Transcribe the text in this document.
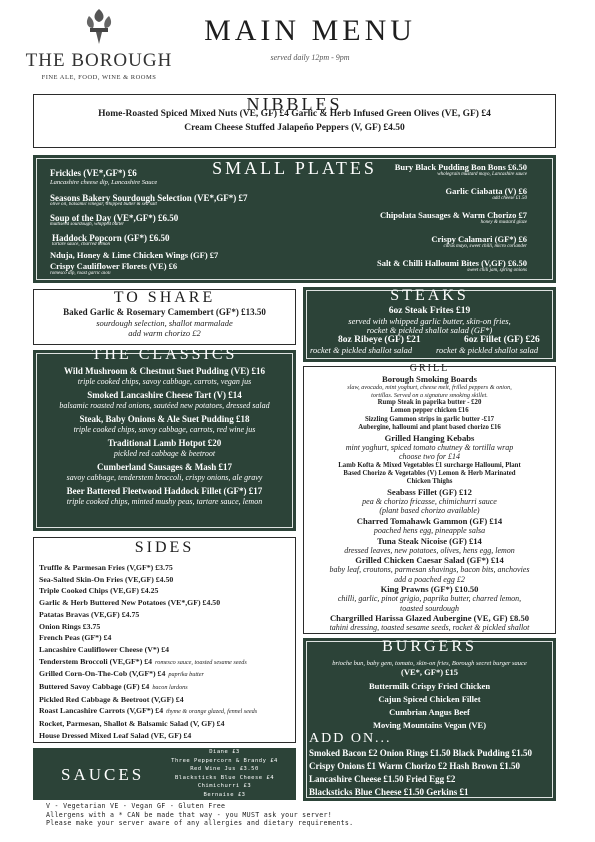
THE BOROUGH
FINE ALE, FOOD, WINE & ROOMS
MAIN MENU
served daily 12pm - 9pm
NIBBLES
Home-Roasted Spiced Mixed Nuts (VE, GF) £4 Garlic & Herb Infused Green Olives (VE, GF) £4
Cream Cheese Stuffed Jalapeño Peppers (V, GF) £4.50
SMALL PLATES
Frickles (VE*,GF*) £6
Lancashire cheese dip, Lancashire Sauce
Seasons Bakery Sourdough Selection (VE*,GF*) £7
olive oil, balsamic vinegar, whipped butter & sea salt
Soup of the Day (VE*,GF*) £6.50
multiseed sourdough, whipped butter
Haddock Popcorn (GF*) £6.50
tartare sauce, charred lemon
Nduja, Honey & Lime Chicken Wings (GF) £7
Crispy Cauliflower Florets (VE) £6
romesco dip, roast garlic aioli
Bury Black Pudding Bon Bons £6.50
wholegrain mustard mayo, Lancashire sauce
Garlic Ciabatta (V) £6
add cheese £1.50
Chipolata Sausages & Warm Chorizo £7
honey & mustard glaze
Crispy Calamari (GF*) £6
citrus mayo, sweet chilli, micro coriander
Salt & Chilli Halloumi Bites (V,GF) £6.50
sweet chili jam, spring onions
TO SHARE
Baked Garlic & Rosemary Camembert (GF*) £13.50
sourdough selection, shallot marmalade
add warm chorizo £2
STEAKS
6oz Steak Frites £19
served with whipped garlic butter, skin-on fries,
rocket & pickled shallot salad (GF*)
8oz Ribeye (GF) £21	6oz Fillet (GF) £26
rocket & pickled shallot salad	rocket & pickled shallot salad
THE CLASSICS
Wild Mushroom & Chestnut Suet Pudding (VE) £16
triple cooked chips, savoy cabbage, carrots, vegan jus
Smoked Lancashire Cheese Tart (V) £14
balsamic roasted red onions, sautéed new potatoes, dressed salad
Steak, Baby Onions & Ale Suet Pudding £18
triple cooked chips, savoy cabbage, carrots, red wine jus
Traditional Lamb Hotpot £20
pickled red cabbage & beetroot
Cumberland Sausages & Mash £17
savoy cabbage, tenderstem broccoli, crispy onions, ale gravy
Beer Battered Fleetwood Haddock Fillet (GF*) £17
triple cooked chips, minted mushy peas, tartare sauce, lemon
GRILL
Borough Smoking Boards
slaw, avocado, mint yoghurt, cheese melt, frilled peppers & onion,
tortillas. Served on a signature smoking skillet.
Rump Steak in paprika butter - £20
Lemon pepper chicken £16
Sizzling Gammon strips in garlic butter -£17
Aubergine, halloumi and plant based chorizo £16
Grilled Hanging Kebabs
mint yoghurt, spiced tomato chutney & tortilla wrap
choose two for £14
Lamb Kofta & Mixed Vegetables £1 surcharge Halloumi, Plant
Based Chorizo & Vegetables (V) Lemon & Herb Marinated
Chicken Thighs
Seabass Fillet (GF) £12
pea & chorizo fricasse, chimichurri sauce
(plant based chorizo available)
Charred Tomahawk Gammon (GF) £14
poached hens egg, pineapple salsa
Tuna Steak Nicoise (GF) £14
dressed leaves, new potatoes, olives, hens egg, lemon
Grilled Chicken Caesar Salad (GF*) £14
baby leaf, croutons, parmesan shavings, bacon bits, anchovies
add a poached egg £2
King Prawns (GF*) £10.50
chilli, garlic, pinot grigio, paprika butter, charred lemon,
toasted sourdough
Chargrilled Harissa Glazed Aubergine (VE, GF) £8.50
tahini dressing, toasted sesame seeds, rocket & pickled shallot
SIDES
Truffle & Parmesan Fries (V,GF*) £3.75
Sea-Salted Skin-On Fries (VE,GF) £4.50
Triple Cooked Chips (VE,GF) £4.25
Garlic & Herb Buttered New Potatoes (VE*,GF) £4.50
Patatas Bravas (VE,GF) £4.75
Onion Rings £3.75
French Peas (GF*) £4
Lancashire Cauliflower Cheese (V*) £4
Tenderstem Broccoli (VE,GF*) £4 romesco sauce, toasted sesame seeds
Grilled Corn-On-The-Cob (V,GF*) £4 paprika butter
Buttered Savoy Cabbage (GF) £4 bacon lardons
Pickled Red Cabbage & Beetroot (V,GF) £4
Roast Lancashire Carrots (V,GF*) £4 thyme & orange glazed, fennel seeds
Rocket, Parmesan, Shallot & Balsamic Salad (V, GF) £4
House Dressed Mixed Leaf Salad (VE, GF) £4
BURGERS
brioche bun, baby gem, tomato, skin-on fries, Borough secret burger sauce
(VE*, GF*) £15
Buttermilk Crispy Fried Chicken
Cajun Spiced Chicken Fillet
Cumbrian Angus Beef
Moving Mountains Vegan (VE)
ADD ON...
Smoked Bacon £2 Onion Rings £1.50 Black Pudding £1.50
Crispy Onions £1 Warm Chorizo £2 Hash Brown £1.50
Lancashire Cheese £1.50 Fried Egg £2
Blacksticks Blue Cheese £1.50 Gerkins £1
SAUCES
Diane £3
Three Peppercorn & Brandy £4
Red Wine Jus £3.50
Blacksticks Blue Cheese £4
Chimichurri £3
Bernaise £3
V - Vegetarian VE - Vegan GF - Gluten Free
Allergens with a * CAN be made that way - you MUST ask your server!
Please make your server aware of any allergies and dietary requirements.
